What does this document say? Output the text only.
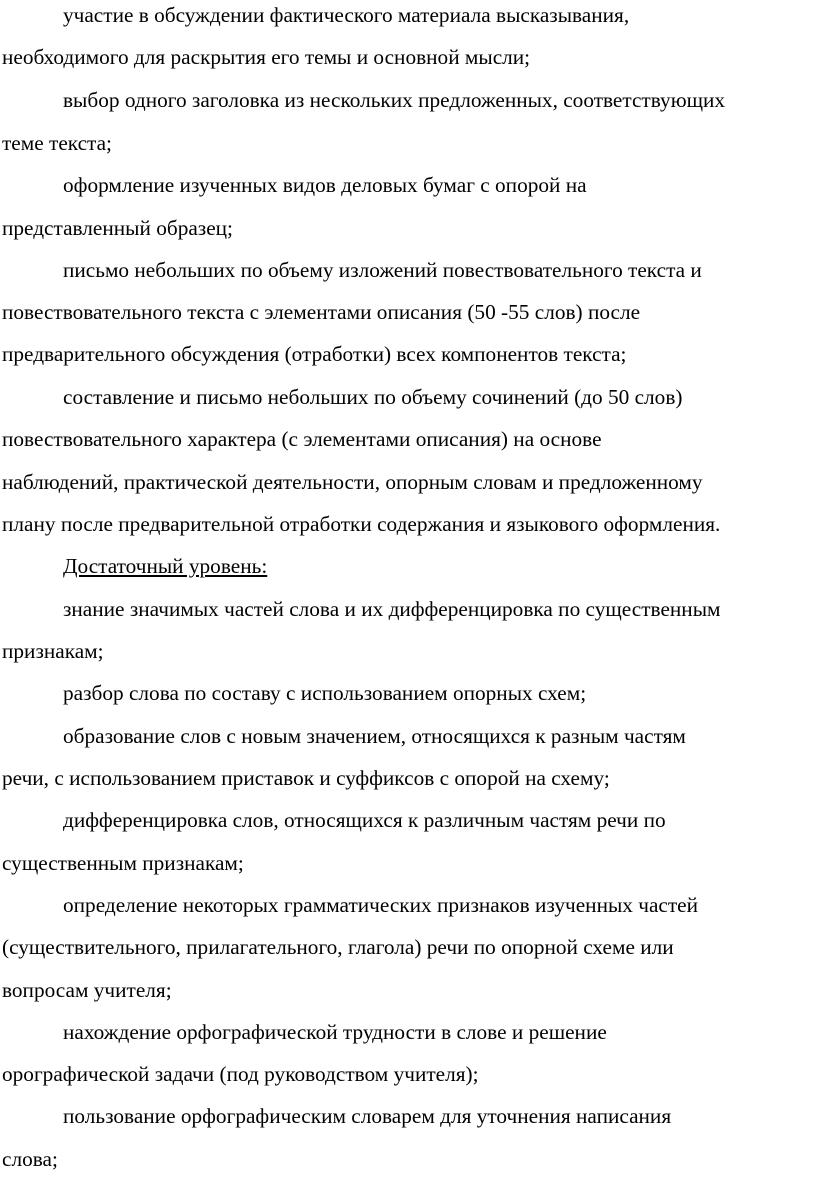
участие в обсуждении фактического материала высказывания,
необходимого для раскрытия его темы и основной мысли;
выбор одного заголовка из нескольких предложенных, соответствующих
теме текста;
оформление изученных видов деловых бумаг с опорой на
представленный образец;
письмо небольших по объему изложений повествовательного текста и
повествовательного текста с элементами описания (50 -55 слов) после
предварительного обсуждения (отработки) всех компонентов текста;
составление и письмо небольших по объему сочинений (до 50 слов)
повествовательного характера (с элементами описания) на основе
наблюдений, практической деятельности, опорным словам и предложенному
плану после предварительной отработки содержания и языкового оформления.
Достаточный уровень:
знание значимых частей слова и их дифференцировка по существенным
признакам;
разбор слова по составу с использованием опорных схем;
образование слов с новым значением, относящихся к разным частям
речи, с использованием приставок и суффиксов с опорой на схему;
дифференцировка слов, относящихся к различным частям речи по
существенным признакам;
определение некоторых грамматических признаков изученных частей
(существительного, прилагательного, глагола) речи по опорной схеме или
вопросам учителя;
нахождение орфографической трудности в слове и решение
орографической задачи (под руководством учителя);
пользование орфографическим словарем для уточнения написания
слова;
